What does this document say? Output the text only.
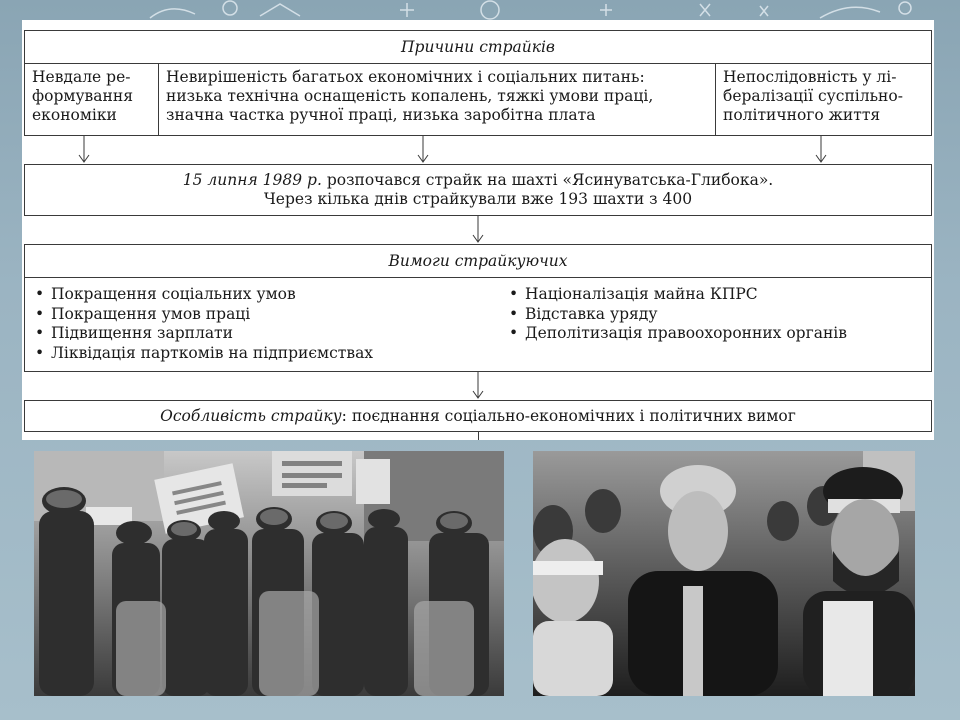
Причини страйків
Невдале ре-
формування
економіки
Невирішеність багатьох економічних і соціальних питань:
низька технічна оснащеність копалень, тяжкі умови праці,
значна частка ручної праці, низька заробітна плата
Непослідовність у лі-
бералізації суспільно-
політичного життя
15 липня 1989 р. розпочався страйк на шахті «Ясинуватська-Глибока».
Через кілька днів страйкували вже 193 шахти з 400
Вимоги страйкуючих
• Покращення соціальних умов
• Покращення умов праці
• Підвищення зарплати
• Ліквідація парткомів на підприємствах
• Націоналізація майна КПРС
• Відставка уряду
• Деполітизація правоохоронних органів
Особливість страйку: поєднання соціально-економічних і політичних вимог
